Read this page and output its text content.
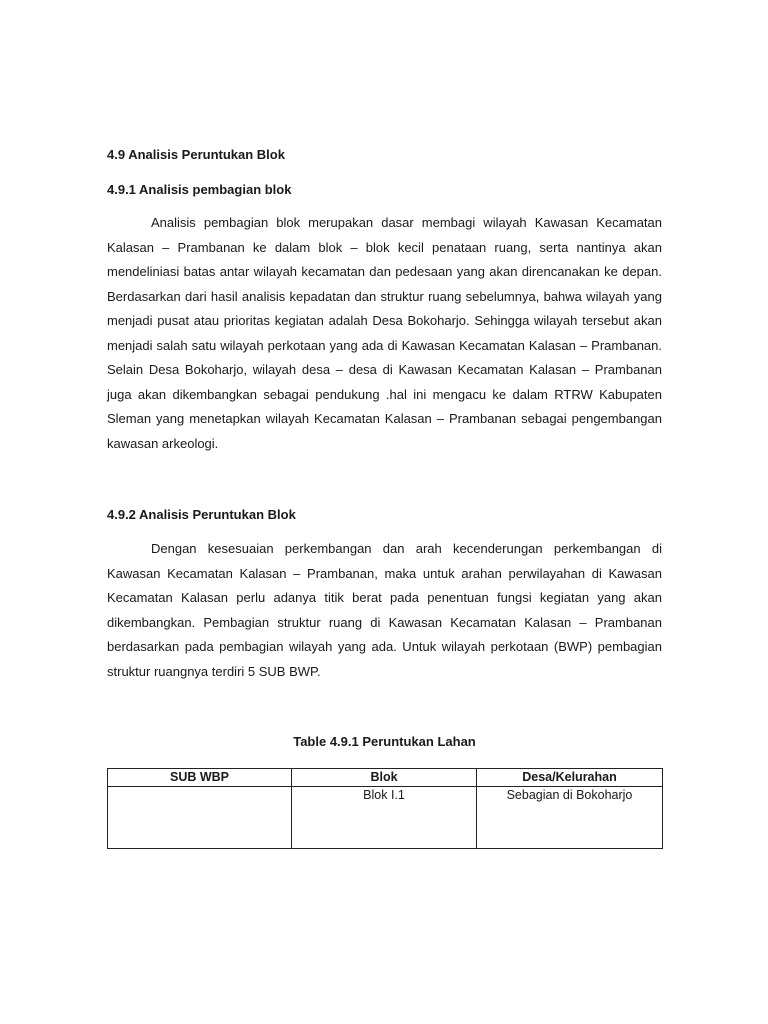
4.9 Analisis Peruntukan Blok
4.9.1 Analisis pembagian blok

Analisis pembagian blok merupakan dasar membagi wilayah Kawasan Kecamatan Kalasan – Prambanan ke dalam blok – blok kecil penataan ruang, serta nantinya akan mendeliniasi batas antar wilayah kecamatan dan pedesaan yang akan direncanakan ke depan. Berdasarkan dari hasil analisis kepadatan dan struktur ruang sebelumnya, bahwa wilayah yang menjadi pusat atau prioritas kegiatan adalah Desa Bokoharjo. Sehingga wilayah tersebut akan menjadi salah satu wilayah perkotaan yang ada di Kawasan Kecamatan Kalasan – Prambanan. Selain Desa Bokoharjo, wilayah desa – desa di Kawasan Kecamatan Kalasan – Prambanan juga akan dikembangkan sebagai pendukung .hal ini mengacu ke dalam RTRW Kabupaten Sleman yang menetapkan wilayah Kecamatan Kalasan – Prambanan sebagai pengembangan kawasan arkeologi.

4.9.2 Analisis Peruntukan Blok

Dengan kesesuaian perkembangan dan arah kecenderungan perkembangan di Kawasan Kecamatan Kalasan – Prambanan, maka untuk arahan perwilayahan di Kawasan Kecamatan Kalasan perlu adanya titik berat pada penentuan fungsi kegiatan yang akan dikembangkan. Pembagian struktur ruang di Kawasan Kecamatan Kalasan – Prambanan berdasarkan pada pembagian wilayah yang ada. Untuk wilayah perkotaan (BWP) pembagian struktur ruangnya terdiri 5 SUB BWP.

Table 4.9.1 Peruntukan Lahan
SUB WBP	Blok	Desa/Kelurahan
	Blok I.1	Sebagian di Bokoharjo
